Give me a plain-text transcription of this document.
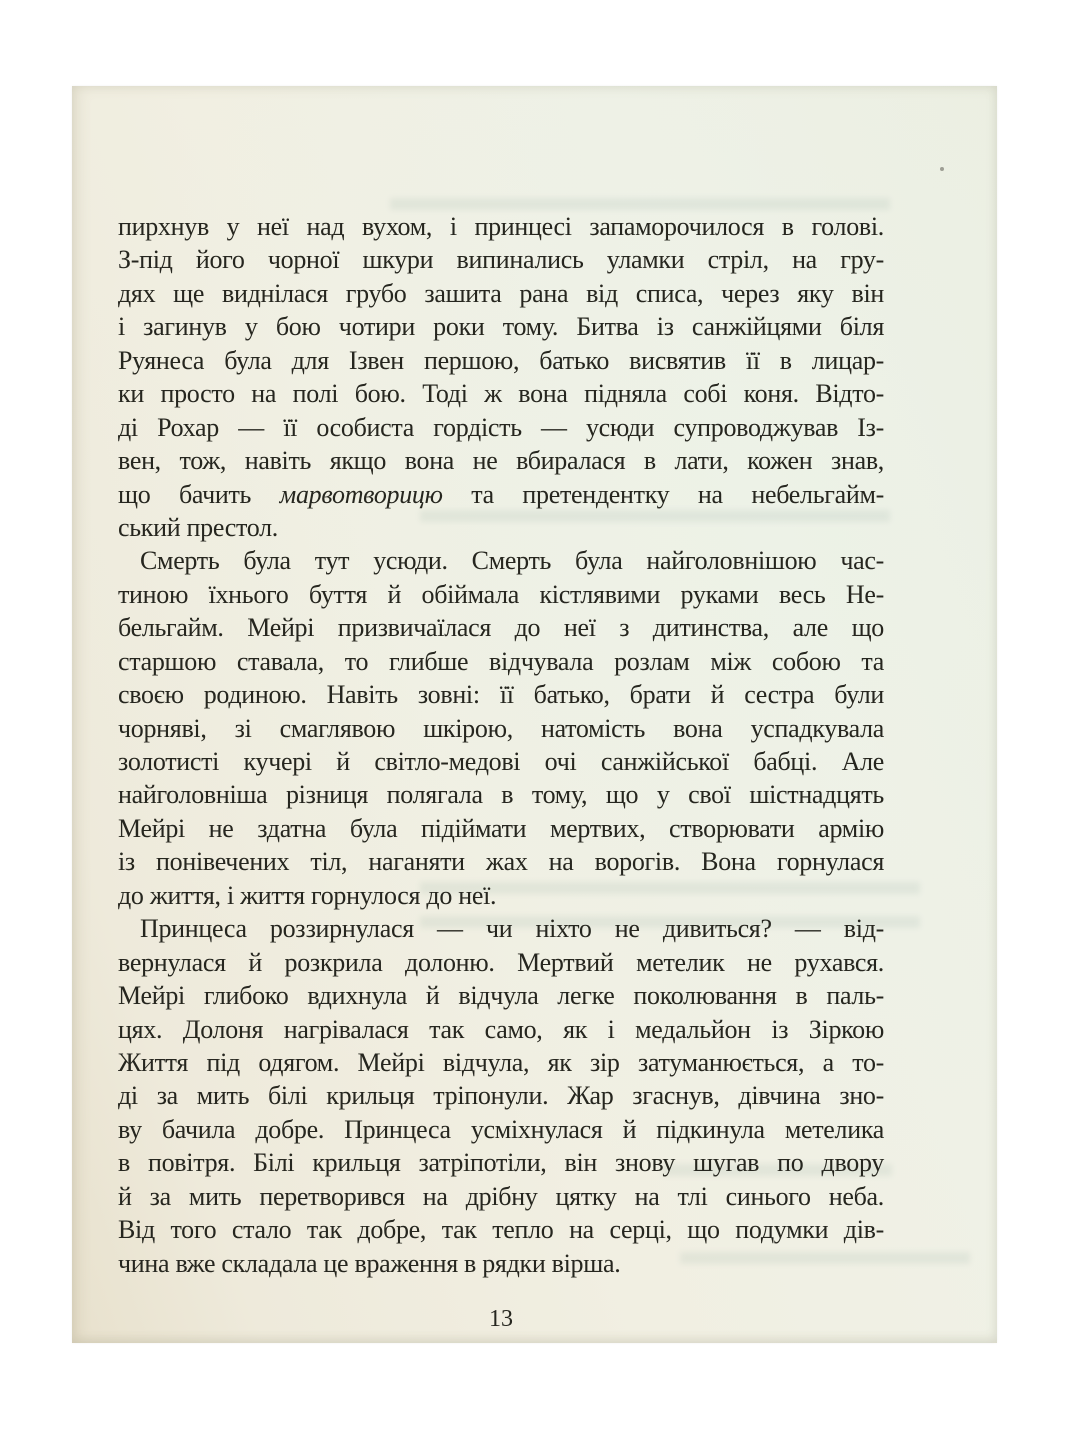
пирхнув у неї над вухом, і принцесі запаморочилося в голові.
З-під його чорної шкури випинались уламки стріл, на гру-
дях ще виднілася грубо зашита рана від списа, через яку він
і загинув у бою чотири роки тому. Битва із санжійцями біля
Руянеса була для Ізвен першою, батько висвятив її в лицар-
ки просто на полі бою. Тоді ж вона підняла собі коня. Відто-
ді Рохар — її особиста гордість — усюди супроводжував Із-
вен, тож, навіть якщо вона не вбиралася в лати, кожен знав,
що бачить марвотворицю та претендентку на небельгайм-
ський престол.
Смерть була тут усюди. Смерть була найголовнішою час-
тиною їхнього буття й обіймала кістлявими руками весь Не-
бельгайм. Мейрі призвичаїлася до неї з дитинства, але що
старшою ставала, то глибше відчувала розлам між собою та
своєю родиною. Навіть зовні: її батько, брати й сестра були
чорняві, зі смаглявою шкірою, натомість вона успадкувала
золотисті кучері й світло-медові очі санжійської бабці. Але
найголовніша різниця полягала в тому, що у свої шістнадцять
Мейрі не здатна була підіймати мертвих, створювати армію
із понівечених тіл, наганяти жах на ворогів. Вона горнулася
до життя, і життя горнулося до неї.
Принцеса роззирнулася — чи ніхто не дивиться? — від-
вернулася й розкрила долоню. Мертвий метелик не рухався.
Мейрі глибоко вдихнула й відчула легке поколювання в паль-
цях. Долоня нагрівалася так само, як і медальйон із Зіркою
Життя під одягом. Мейрі відчула, як зір затуманюється, а то-
ді за мить білі крильця тріпонули. Жар згаснув, дівчина зно-
ву бачила добре. Принцеса усміхнулася й підкинула метелика
в повітря. Білі крильця затріпотіли, він знову шугав по двору
й за мить перетворився на дрібну цятку на тлі синього неба.
Від того стало так добре, так тепло на серці, що подумки дів-
чина вже складала це враження в рядки вірша.
13
